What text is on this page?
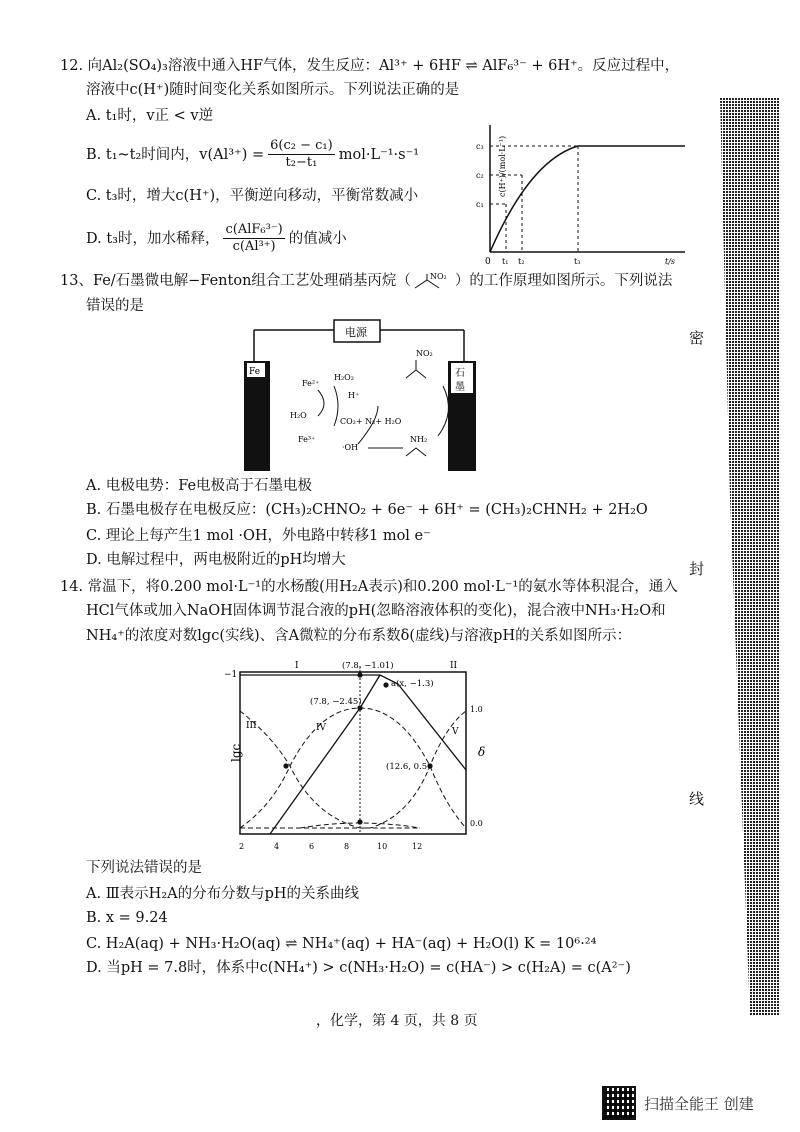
12. 向Al₂(SO₄)₃溶液中通入HF气体，发生反应：Al³⁺ + 6HF ⇌ AlF₆³⁻ + 6H⁺。反应过程中，
溶液中c(H⁺)随时间变化关系如图所示。下列说法正确的是
A. t₁时，v正 < v逆
B. t₁~t₂时间内，$v(Al^{3+}) = \frac{\text{6(c₂ − c₁)}}{\text{t₂−t₁}} mol\cdot L^{-1}\cdot s^{-1}$
C. t₃时，增大c(H⁺)，平衡逆向移动，平衡常数减小
D. t₃时，加水稀释， $\frac{\text{c(AlF₆³⁻)}}{\text{c(Al³⁺)}}$ 的值减小
c(H⁺)/(mol·L⁻¹)
c₃
c₂
c₁
0 t₁ t₂	t₃	t/s
13、Fe/石墨微电解−Fenton组合工艺处理硝基丙烷（ NO₂ ）的工作原理如图所示。下列说法
错误的是
电源
Fe	石
墨
Fe²⁺
H₂O₂
H⁺
H₂O
Fe³⁺
CO₂+ N₂+ H₂O
·OH
NO₂
NH₂
A. 电极电势：Fe电极高于石墨电极
B. 石墨电极存在电极反应：(CH₃)₂CHNO₂ + 6e⁻ + 6H⁺ = (CH₃)₂CHNH₂ + 2H₂O
C. 理论上每产生1 mol ·OH，外电路中转移1 mol e⁻
D. 电解过程中，两电极附近的pH均增大
14. 常温下，将0.200 mol·L⁻¹的水杨酸(用H₂A表示)和0.200 mol·L⁻¹的氨水等体积混合，通入
HCl气体或加入NaOH固体调节混合液的pH(忽略溶液体积的变化)，混合液中NH₃·H₂O和
NH₄⁺的浓度对数lgc(实线)、含A微粒的分布系数δ(虚线)与溶液pH的关系如图所示：
−1
lgc	δ
1.0
0.0
2	4	6	8	10	12
I	II
III	IV	V
(7.8, −1.01)
(7.8, −2.45)
a(x, −1.3)
(12.6, 0.5)
下列说法错误的是
A. Ⅲ表示H₂A的分布分数与pH的关系曲线
B. x = 9.24
C. H₂A(aq) + NH₃·H₂O(aq) ⇌ NH₄⁺(aq) + HA⁻(aq) + H₂O(l) K = 10⁶·²⁴
D. 当pH = 7.8时，体系中c(NH₄⁺) > c(NH₃·H₂O) = c(HA⁻) > c(H₂A) = c(A²⁻)
密
封
线
，化学，第 4 页，共 8 页
扫描全能王 创建
